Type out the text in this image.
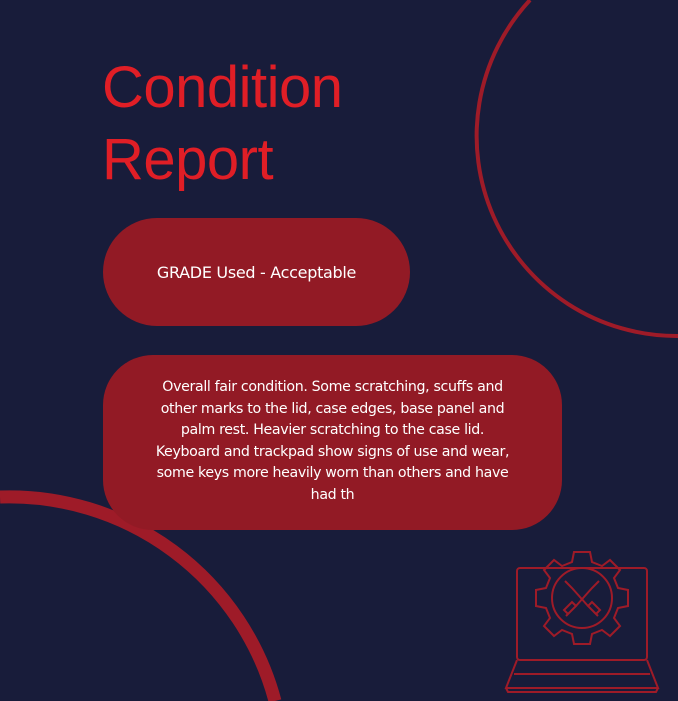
Condition
Report
GRADE Used - Acceptable
Overall fair condition. Some scratching, scuffs and other marks to the lid, case edges, base panel and palm rest. Heavier scratching to the case lid. Keyboard and trackpad show signs of use and wear, some keys more heavily worn than others and have had th
